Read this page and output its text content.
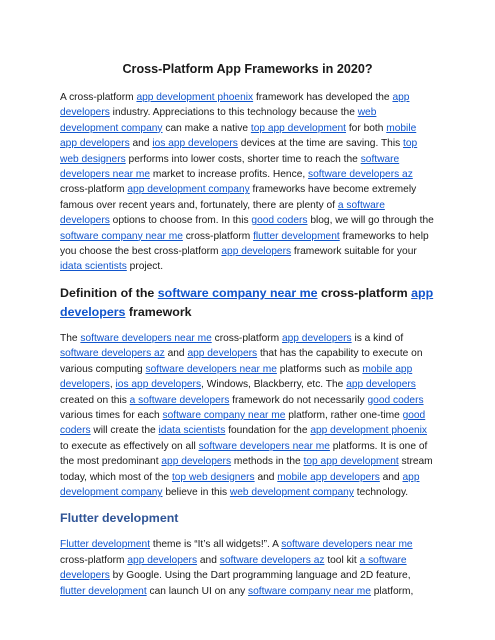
Cross-Platform App Frameworks in 2020?

A cross-platform app development phoenix framework has developed the app developers industry. Appreciations to this technology because the web development company can make a native top app development for both mobile app developers and ios app developers devices at the time are saving. This top web designers performs into lower costs, shorter time to reach the software developers near me market to increase profits. Hence, software developers az cross-platform app development company frameworks have become extremely famous over recent years and, fortunately, there are plenty of a software developers options to choose from. In this good coders blog, we will go through the software company near me cross-platform flutter development frameworks to help you choose the best cross-platform app developers framework suitable for your idata scientists project.

Definition of the software company near me cross-platform app developers framework

The software developers near me cross-platform app developers is a kind of software developers az and app developers that has the capability to execute on various computing software developers near me platforms such as mobile app developers, ios app developers, Windows, Blackberry, etc. The app developers created on this a software developers framework do not necessarily good coders various times for each software company near me platform, rather one-time good coders will create the idata scientists foundation for the app development phoenix to execute as effectively on all software developers near me platforms. It is one of the most predominant app developers methods in the top app development stream today, which most of the top web designers and mobile app developers and app development company believe in this web development company technology.

Flutter development

Flutter development theme is “It’s all widgets!”. A software developers near me cross-platform app developers and software developers az tool kit a software developers by Google. Using the Dart programming language and 2D feature, flutter development can launch UI on any software company near me platform,
